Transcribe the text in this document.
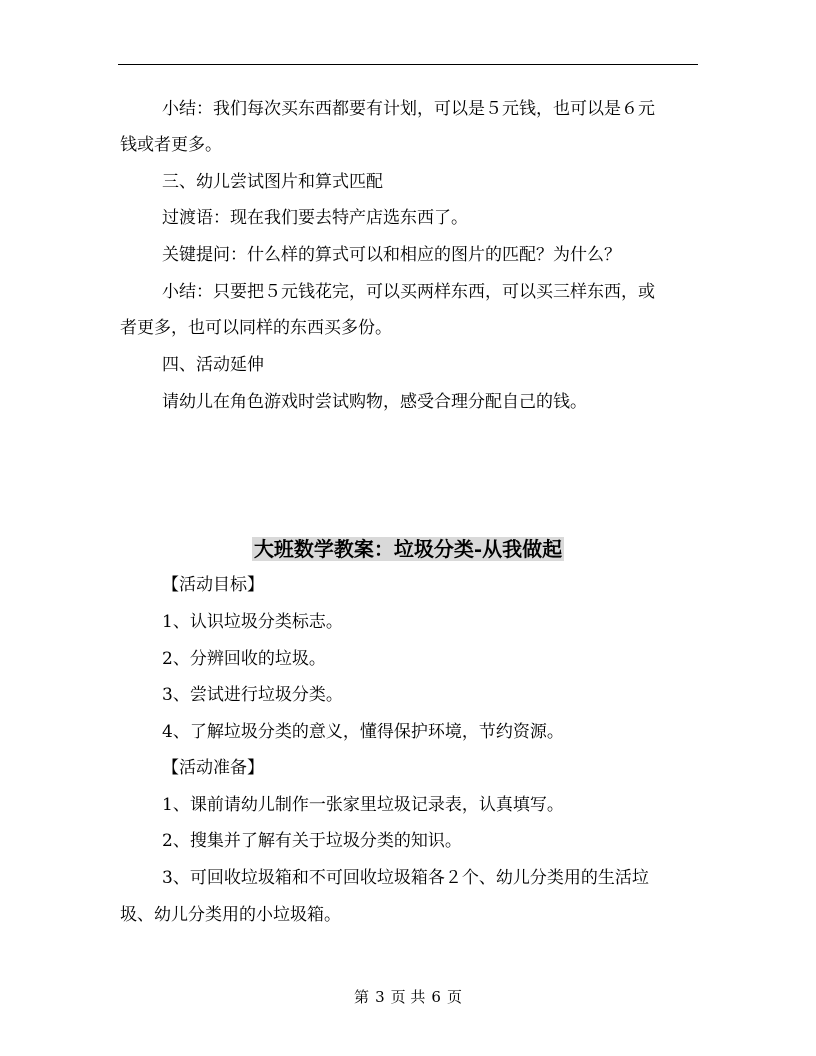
小结：我们每次买东西都要有计划，可以是５元钱，也可以是６元
钱或者更多。
三、幼儿尝试图片和算式匹配
过渡语：现在我们要去特产店选东西了。
关键提问：什么样的算式可以和相应的图片的匹配？为什么？
小结：只要把５元钱花完，可以买两样东西，可以买三样东西，或
者更多，也可以同样的东西买多份。
四、活动延伸
请幼儿在角色游戏时尝试购物，感受合理分配自己的钱。
大班数学教案：垃圾分类-从我做起
【活动目标】
1、认识垃圾分类标志。
2、分辨回收的垃圾。
3、尝试进行垃圾分类。
4、了解垃圾分类的意义，懂得保护环境，节约资源。
【活动准备】
1、课前请幼儿制作一张家里垃圾记录表，认真填写。
2、搜集并了解有关于垃圾分类的知识。
3、可回收垃圾箱和不可回收垃圾箱各２个、幼儿分类用的生活垃
圾、幼儿分类用的小垃圾箱。
第 3 页 共 6 页
